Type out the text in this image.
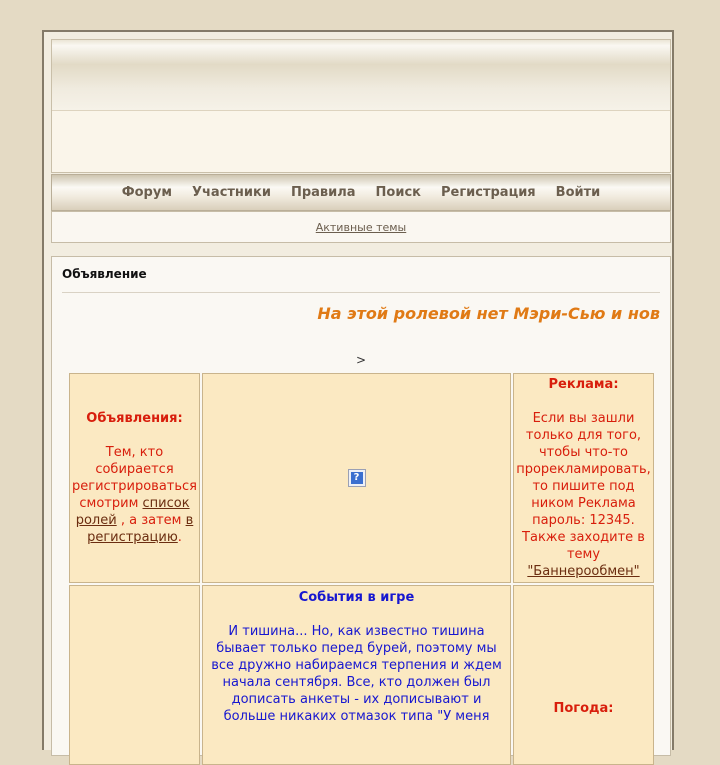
Форум Участники Правила Поиск Регистрация Войти
Активные темы
Объявление
На этой ролевой нет Мэри-Сью и нов
>

Объявления:

Тем, кто собирается регистрироваться смотрим список ролей , а затем в регистрацию.

?

Реклама:

Если вы зашли только для того, чтобы что-то прорекламировать, то пишите под ником Реклама пароль: 12345. Также заходите в тему "Баннерообмен"

События в игре

И тишина... Но, как известно тишина бывает только перед бурей, поэтому мы все дружно набираемся терпения и ждем начала сентября. Все, кто должен был дописать анкеты - их дописывают и больше никаких отмазок типа "У меня

Погода:
